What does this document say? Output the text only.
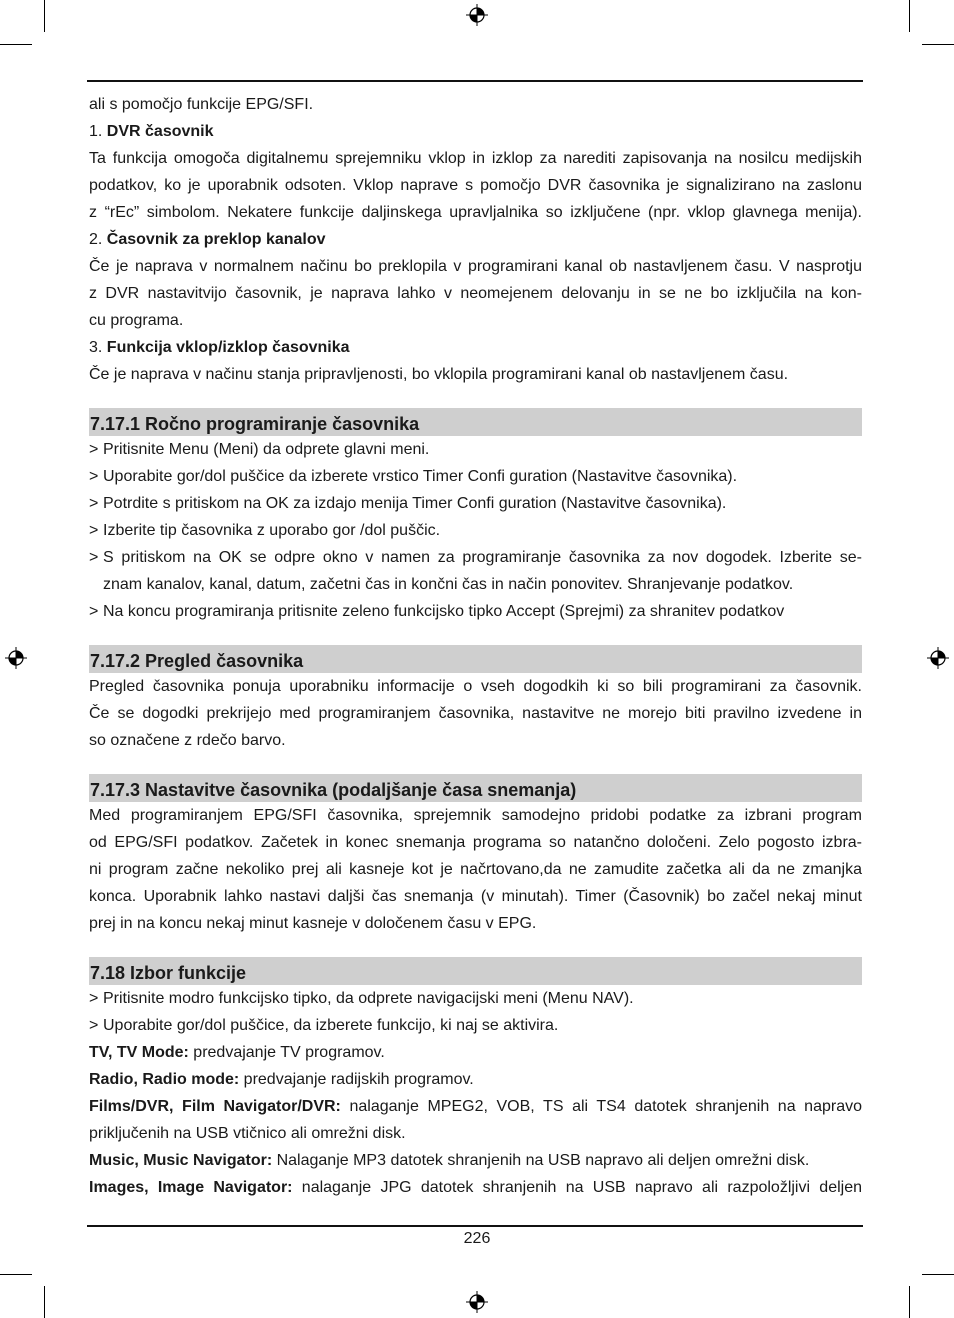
ali s pomočjo funkcije EPG/SFI.
1. DVR časovnik
Ta funkcija omogoča digitalnemu sprejemniku vklop in izklop za narediti zapisovanja na nosilcu medijskih
podatkov, ko je uporabnik odsoten. Vklop naprave s pomočjo DVR časovnika je signalizirano na zaslonu
z “rEc” simbolom. Nekatere funkcije daljinskega upravljalnika so izključene (npr. vklop glavnega menija).
2. Časovnik za preklop kanalov
Če je naprava v normalnem načinu bo preklopila v programirani kanal ob nastavljenem času. V nasprotju
z DVR nastavitvijo časovnik, je naprava lahko v neomejenem delovanju in se ne bo izključila na kon-
cu programa.
3. Funkcija vklop/izklop časovnika
Če je naprava v načinu stanja pripravljenosti, bo vklopila programirani kanal ob nastavljenem času.
7.17.1 Ročno programiranje časovnika
> Pritisnite Menu (Meni) da odprete glavni meni.
> Uporabite gor/dol puščice da izberete vrstico Timer Confi guration (Nastavitve časovnika).
> Potrdite s pritiskom na OK za izdajo menija Timer Confi guration (Nastavitve časovnika).
> Izberite tip časovnika z uporabo gor /dol puščic.
> S pritiskom na OK se odpre okno v namen za programiranje časovnika za nov dogodek. Izberite se-
znam kanalov, kanal, datum, začetni čas in končni čas in način ponovitev. Shranjevanje podatkov.
> Na koncu programiranja pritisnite zeleno funkcijsko tipko Accept (Sprejmi) za shranitev podatkov
7.17.2 Pregled časovnika
Pregled časovnika ponuja uporabniku informacije o vseh dogodkih ki so bili programirani za časovnik.
Če se dogodki prekrijejo med programiranjem časovnika, nastavitve ne morejo biti pravilno izvedene in
so označene z rdečo barvo.
7.17.3 Nastavitve časovnika (podaljšanje časa snemanja)
Med programiranjem EPG/SFI časovnika, sprejemnik samodejno pridobi podatke za izbrani program
od EPG/SFI podatkov. Začetek in konec snemanja programa so natančno določeni. Zelo pogosto izbra-
ni program začne nekoliko prej ali kasneje kot je načrtovano,da ne zamudite začetka ali da ne zmanjka
konca. Uporabnik lahko nastavi daljši čas snemanja (v minutah). Timer (Časovnik) bo začel nekaj minut
prej in na koncu nekaj minut kasneje v določenem času v EPG.
7.18 Izbor funkcije
> Pritisnite modro funkcijsko tipko, da odprete navigacijski meni (Menu NAV).
> Uporabite gor/dol puščice, da izberete funkcijo, ki naj se aktivira.
TV, TV Mode: predvajanje TV programov.
Radio, Radio mode: predvajanje radijskih programov.
Films/DVR, Film Navigator/DVR: nalaganje MPEG2, VOB, TS ali TS4 datotek shranjenih na napravo
priključenih na USB vtičnico ali omrežni disk.
Music, Music Navigator: Nalaganje MP3 datotek shranjenih na USB napravo ali deljen omrežni disk.
Images, Image Navigator: nalaganje JPG datotek shranjenih na USB napravo ali razpoložljivi deljen
226
